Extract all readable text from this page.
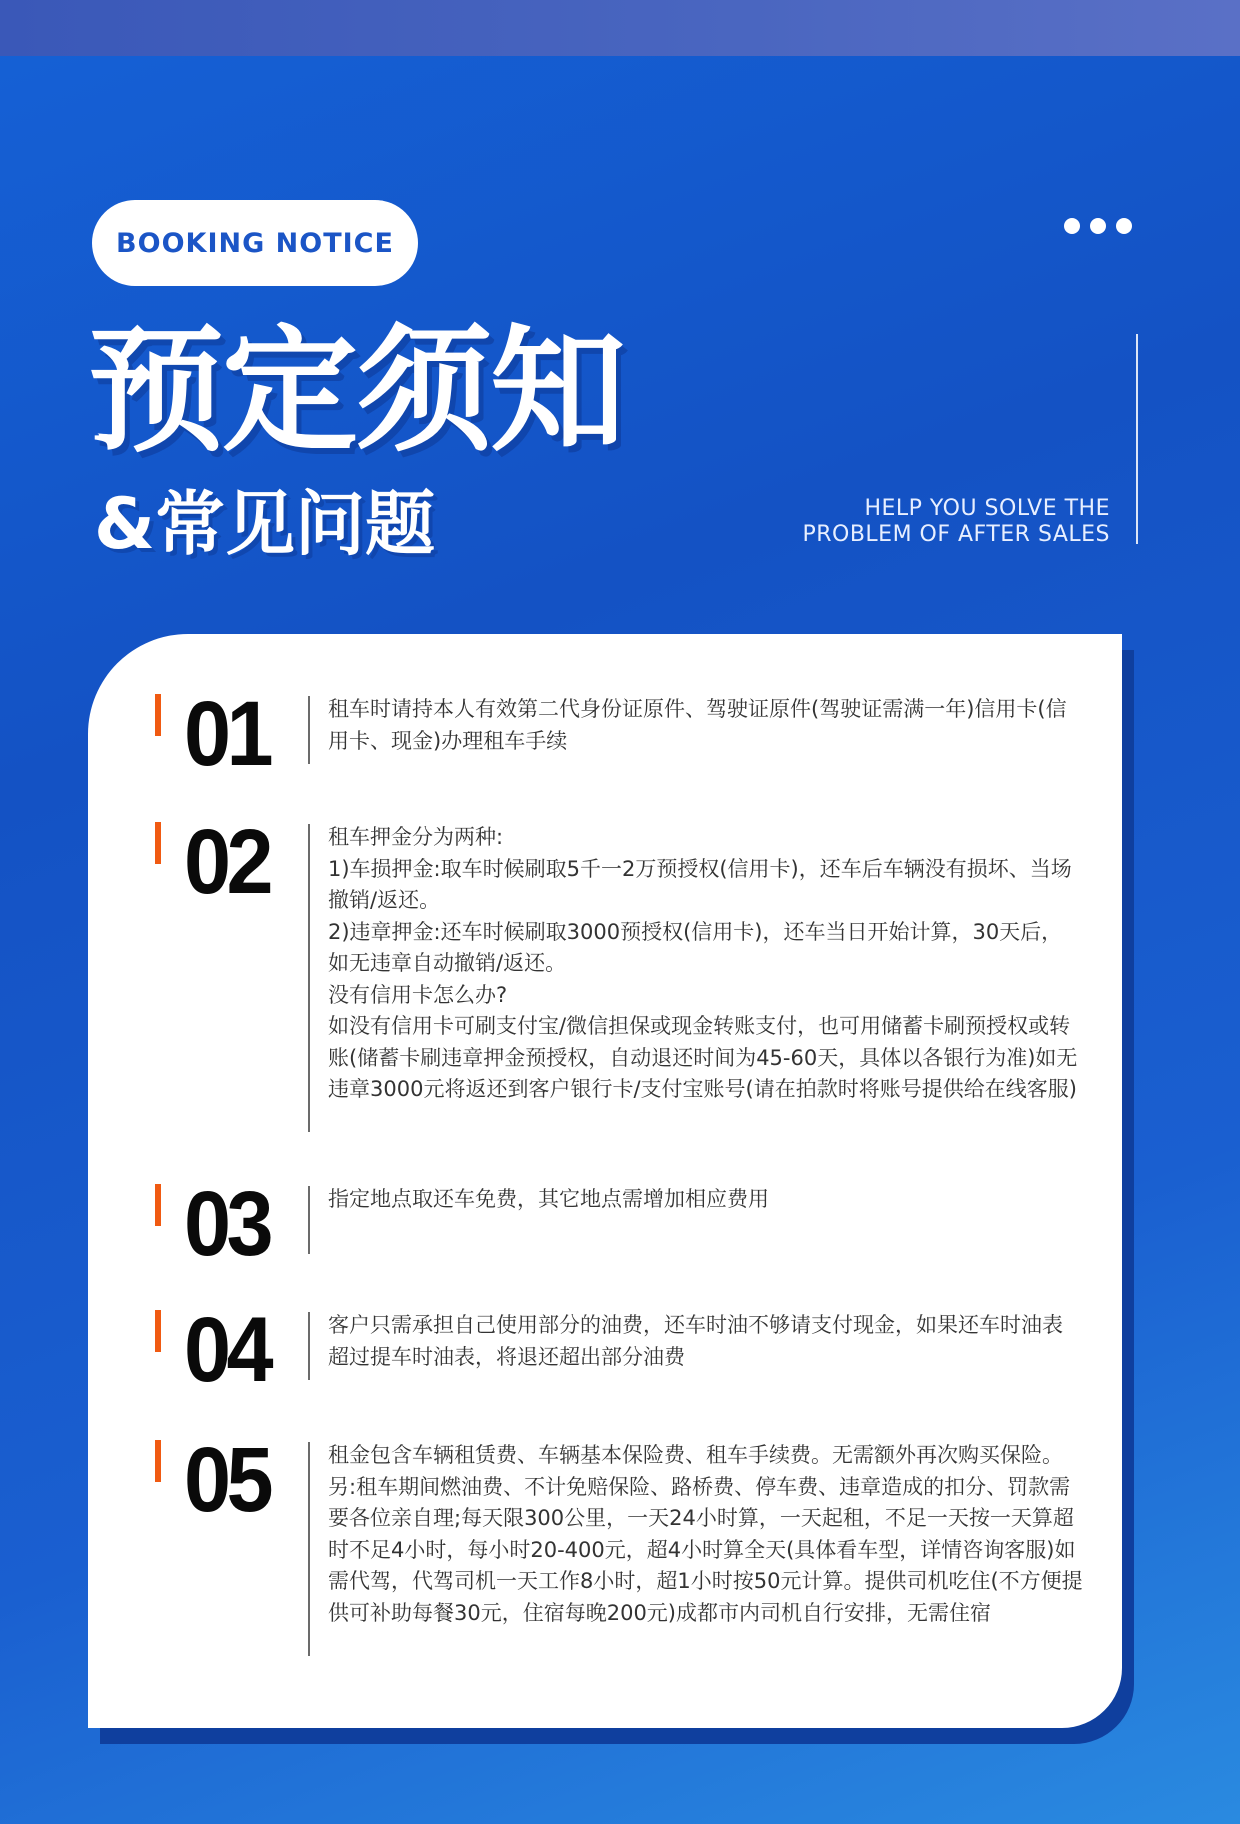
BOOKING NOTICE
预定须知
&常见问题	HELP YOU SOLVE THE
PROBLEM OF AFTER SALES
01	租车时请持本人有效第二代身份证原件、驾驶证原件(驾驶证需满一年)信用卡(信用卡、现金)办理租车手续

02	租车押金分为两种:

1)车损押金:取车时候刷取5千一2万预授权(信用卡)，还车后车辆没有损坏、当场撤销/返还。

2)违章押金:还车时候刷取3000预授权(信用卡)，还车当日开始计算，30天后，如无违章自动撤销/返还。

没有信用卡怎么办?

如没有信用卡可刷支付宝/微信担保或现金转账支付，也可用储蓄卡刷预授权或转账(储蓄卡刷违章押金预授权，自动退还时间为45-60天，具体以各银行为准)如无违章3000元将返还到客户银行卡/支付宝账号(请在拍款时将账号提供给在线客服)

03	指定地点取还车免费，其它地点需增加相应费用

04	客户只需承担自己使用部分的油费，还车时油不够请支付现金，如果还车时油表超过提车时油表，将退还超出部分油费

05	租金包含车辆租赁费、车辆基本保险费、租车手续费。无需额外再次购买保险。另:租车期间燃油费、不计免赔保险、路桥费、停车费、违章造成的扣分、罚款需要各位亲自理;每天限300公里，一天24小时算，一天起租，不足一天按一天算超时不足4小时，每小时20-400元，超4小时算全天(具体看车型，详情咨询客服)如需代驾，代驾司机一天工作8小时，超1小时按50元计算。提供司机吃住(不方便提供可补助每餐30元，住宿每晚200元)成都市内司机自行安排，无需住宿
